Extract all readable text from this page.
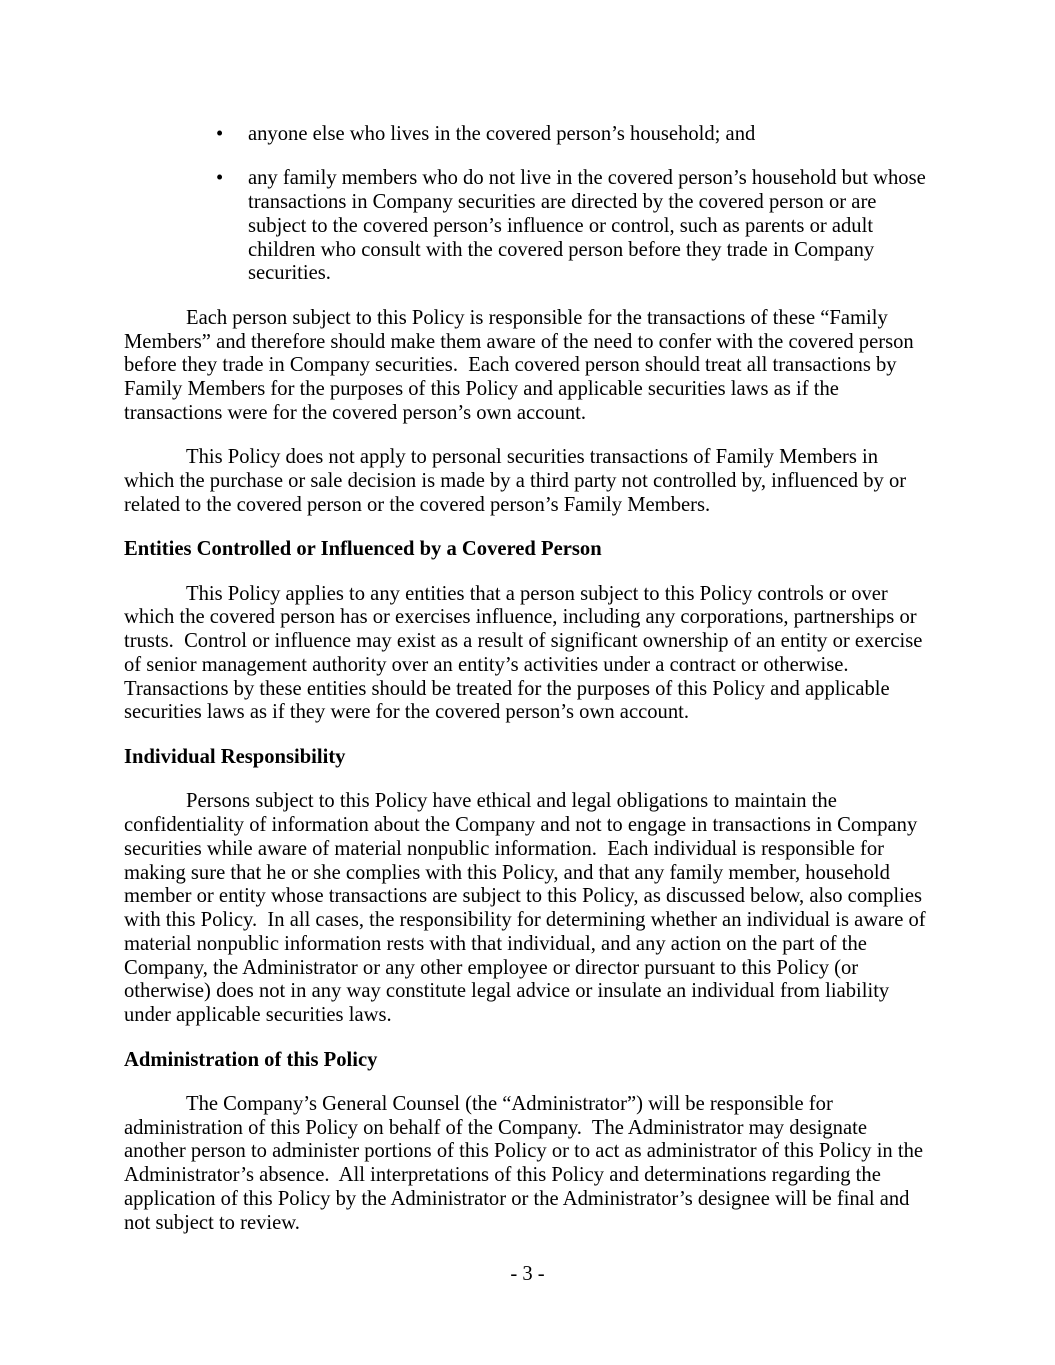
• anyone else who lives in the covered person’s household; and
• any family members who do not live in the covered person’s household but whose
transactions in Company securities are directed by the covered person or are
subject to the covered person’s influence or control, such as parents or adult
children who consult with the covered person before they trade in Company
securities.
Each person subject to this Policy is responsible for the transactions of these “Family
Members” and therefore should make them aware of the need to confer with the covered person
before they trade in Company securities.  Each covered person should treat all transactions by
Family Members for the purposes of this Policy and applicable securities laws as if the
transactions were for the covered person’s own account.
This Policy does not apply to personal securities transactions of Family Members in
which the purchase or sale decision is made by a third party not controlled by, influenced by or
related to the covered person or the covered person’s Family Members.
Entities Controlled or Influenced by a Covered Person
This Policy applies to any entities that a person subject to this Policy controls or over
which the covered person has or exercises influence, including any corporations, partnerships or
trusts.  Control or influence may exist as a result of significant ownership of an entity or exercise
of senior management authority over an entity’s activities under a contract or otherwise.
Transactions by these entities should be treated for the purposes of this Policy and applicable
securities laws as if they were for the covered person’s own account.
Individual Responsibility
Persons subject to this Policy have ethical and legal obligations to maintain the
confidentiality of information about the Company and not to engage in transactions in Company
securities while aware of material nonpublic information.  Each individual is responsible for
making sure that he or she complies with this Policy, and that any family member, household
member or entity whose transactions are subject to this Policy, as discussed below, also complies
with this Policy.  In all cases, the responsibility for determining whether an individual is aware of
material nonpublic information rests with that individual, and any action on the part of the
Company, the Administrator or any other employee or director pursuant to this Policy (or
otherwise) does not in any way constitute legal advice or insulate an individual from liability
under applicable securities laws.
Administration of this Policy
The Company’s General Counsel (the “Administrator”) will be responsible for
administration of this Policy on behalf of the Company.  The Administrator may designate
another person to administer portions of this Policy or to act as administrator of this Policy in the
Administrator’s absence.  All interpretations of this Policy and determinations regarding the
application of this Policy by the Administrator or the Administrator’s designee will be final and
not subject to review.
- 3 -
